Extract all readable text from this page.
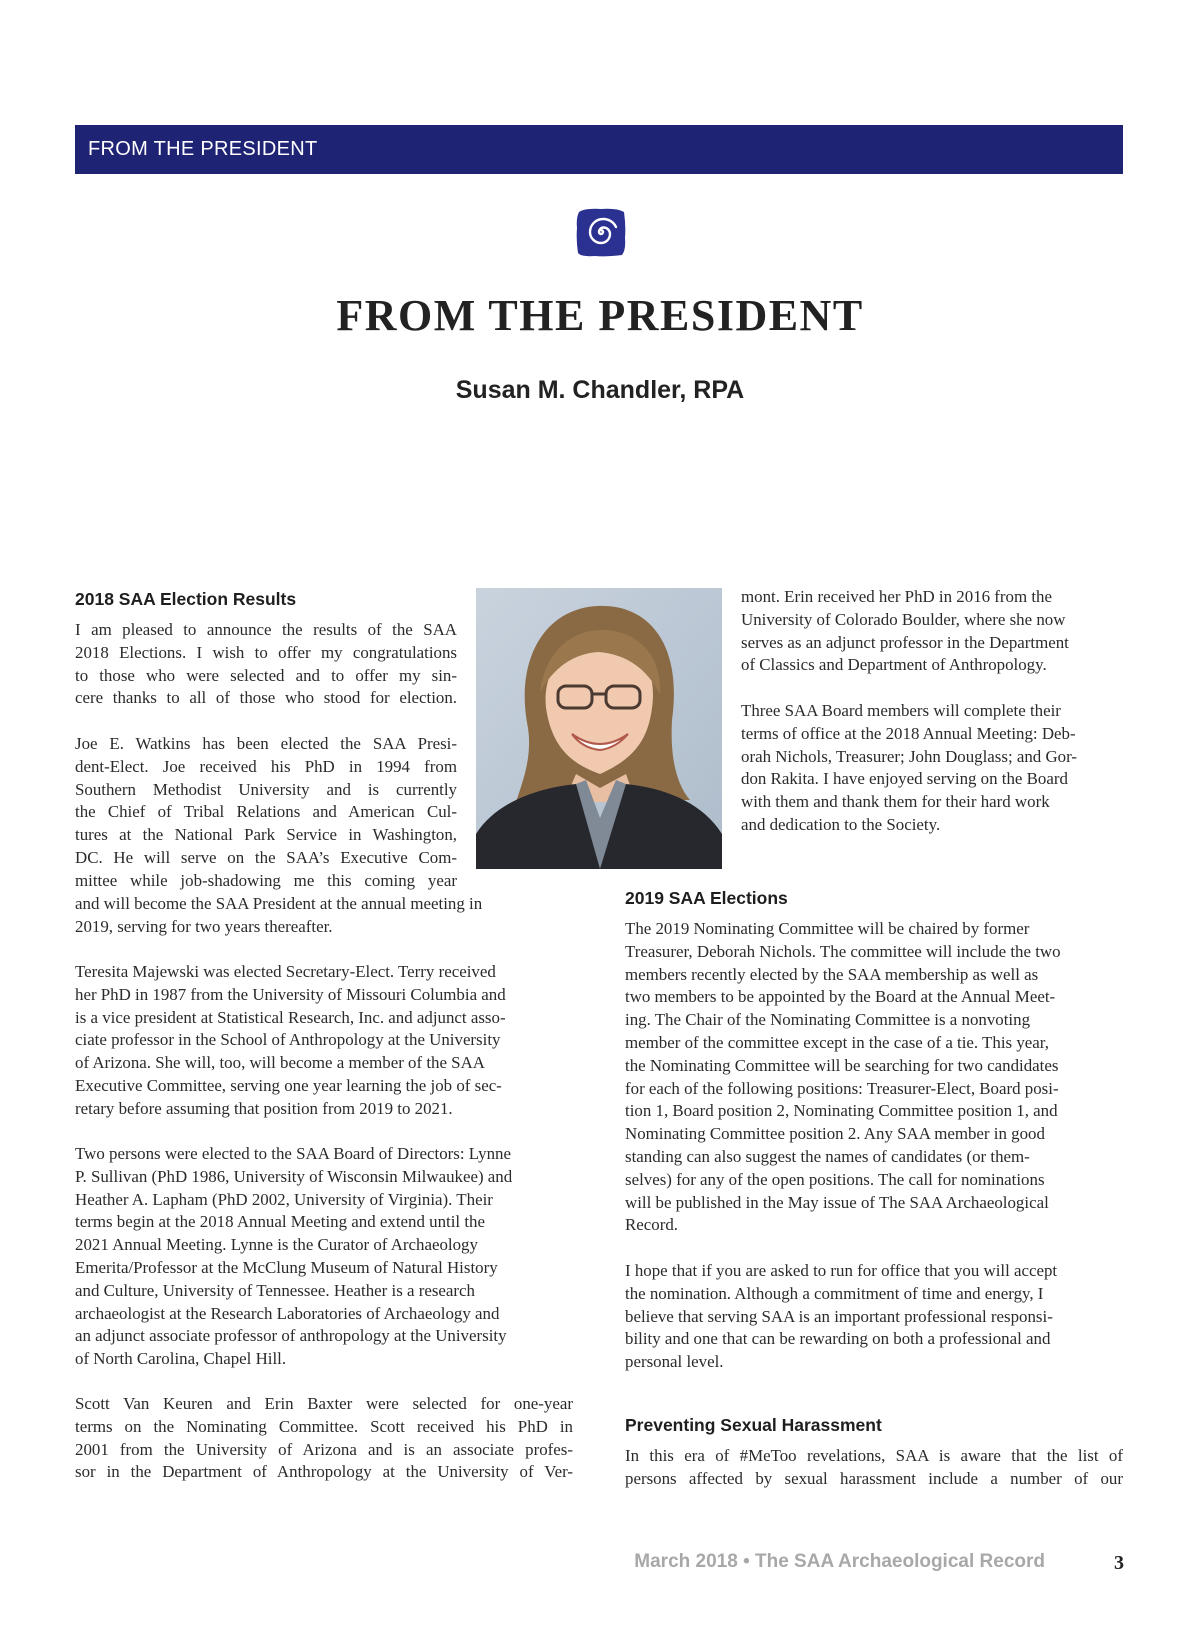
FROM THE PRESIDENT
FROM THE PRESIDENT
Susan M. Chandler, RPA
2018 SAA Election Results
I am pleased to announce the results of the SAA
2018 Elections. I wish to offer my congratulations
to those who were selected and to offer my sin-
cere thanks to all of those who stood for election.
Joe E. Watkins has been elected the SAA Presi-
dent-Elect. Joe received his PhD in 1994 from
Southern Methodist University and is currently
the Chief of Tribal Relations and American Cul-
tures at the National Park Service in Washington,
DC. He will serve on the SAA’s Executive Com-
mittee while job-shadowing me this coming year
and will become the SAA President at the annual meeting in
2019, serving for two years thereafter.
Teresita Majewski was elected Secretary-Elect. Terry received
her PhD in 1987 from the University of Missouri Columbia and
is a vice president at Statistical Research, Inc. and adjunct asso-
ciate professor in the School of Anthropology at the University
of Arizona. She will, too, will become a member of the SAA
Executive Committee, serving one year learning the job of sec-
retary before assuming that position from 2019 to 2021.
Two persons were elected to the SAA Board of Directors: Lynne
P. Sullivan (PhD 1986, University of Wisconsin Milwaukee) and
Heather A. Lapham (PhD 2002, University of Virginia). Their
terms begin at the 2018 Annual Meeting and extend until the
2021 Annual Meeting. Lynne is the Curator of Archaeology
Emerita/Professor at the McClung Museum of Natural History
and Culture, University of Tennessee. Heather is a research
archaeologist at the Research Laboratories of Archaeology and
an adjunct associate professor of anthropology at the University
of North Carolina, Chapel Hill.
Scott Van Keuren and Erin Baxter were selected for one-year
terms on the Nominating Committee. Scott received his PhD in
2001 from the University of Arizona and is an associate profes-
sor in the Department of Anthropology at the University of Ver-
mont. Erin received her PhD in 2016 from the
University of Colorado Boulder, where she now
serves as an adjunct professor in the Department
of Classics and Department of Anthropology.
Three SAA Board members will complete their
terms of office at the 2018 Annual Meeting: Deb-
orah Nichols, Treasurer; John Douglass; and Gor-
don Rakita. I have enjoyed serving on the Board
with them and thank them for their hard work
and dedication to the Society.
2019 SAA Elections
The 2019 Nominating Committee will be chaired by former
Treasurer, Deborah Nichols. The committee will include the two
members recently elected by the SAA membership as well as
two members to be appointed by the Board at the Annual Meet-
ing. The Chair of the Nominating Committee is a nonvoting
member of the committee except in the case of a tie. This year,
the Nominating Committee will be searching for two candidates
for each of the following positions: Treasurer-Elect, Board posi-
tion 1, Board position 2, Nominating Committee position 1, and
Nominating Committee position 2. Any SAA member in good
standing can also suggest the names of candidates (or them-
selves) for any of the open positions. The call for nominations
will be published in the May issue of The SAA Archaeological
Record.
I hope that if you are asked to run for office that you will accept
the nomination. Although a commitment of time and energy, I
believe that serving SAA is an important professional responsi-
bility and one that can be rewarding on both a professional and
personal level.
Preventing Sexual Harassment
In this era of #MeToo revelations, SAA is aware that the list of
persons affected by sexual harassment include a number of our
March 2018 • The SAA Archaeological Record	3
